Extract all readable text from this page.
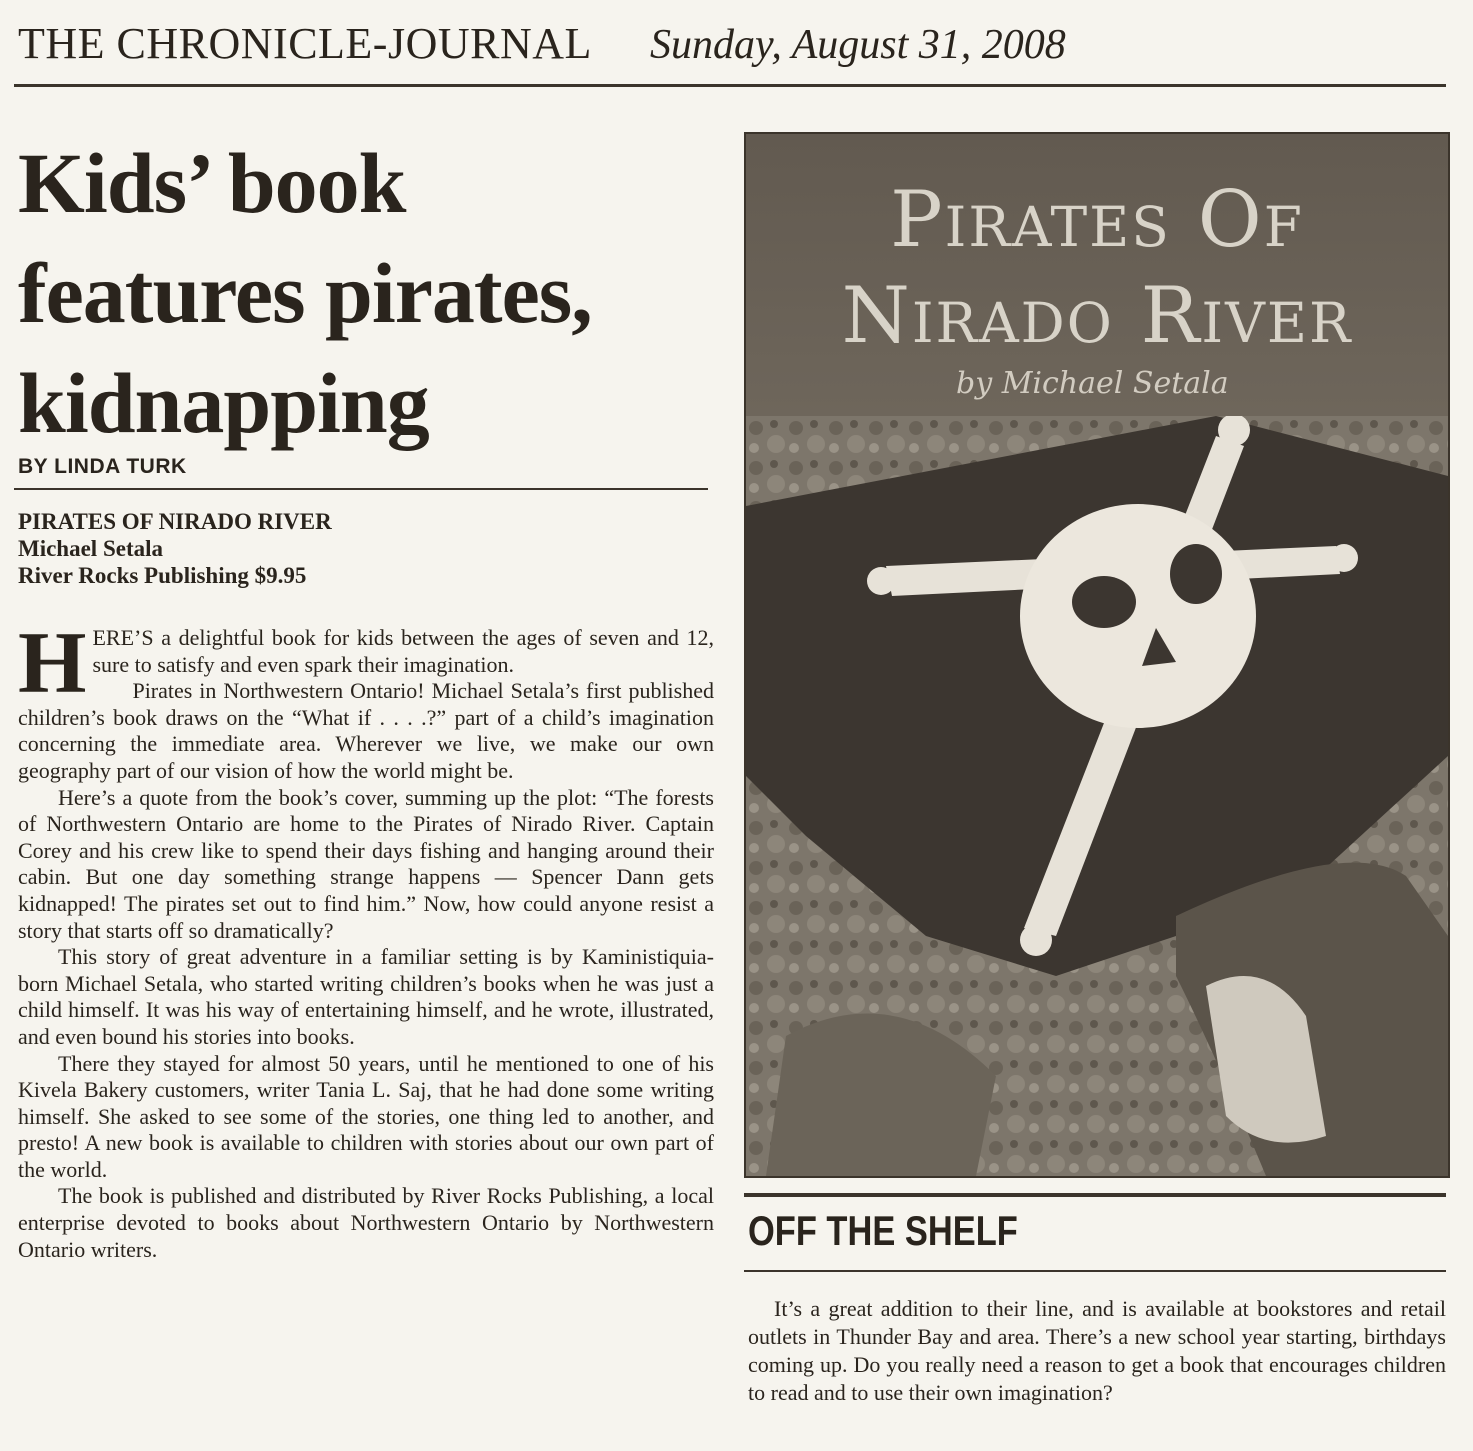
THE CHRONICLE-JOURNAL Sunday, August 31, 2008
Kids’ book
features pirates,
kidnapping
BY LINDA TURK
PIRATES OF NIRADO RIVER
Michael Setala
River Rocks Publishing $9.95

HERE’S a delightful book for kids between the ages of seven and 12, sure to satisfy and even spark their imagination.

Pirates in Northwestern Ontario! Michael Setala’s first published children’s book draws on the “What if . . . .?” part of a child’s imagination concerning the immediate area. Wherever we live, we make our own geography part of our vision of how the world might be.

Here’s a quote from the book’s cover, summing up the plot: “The forests of Northwestern Ontario are home to the Pirates of Nirado River. Captain Corey and his crew like to spend their days fishing and hanging around their cabin. But one day something strange happens — Spencer Dann gets kidnapped! The pirates set out to find him.” Now, how could anyone resist a story that starts off so dramatically?

This story of great adventure in a familiar setting is by Kaministiquia-born Michael Setala, who started writing children’s books when he was just a child himself. It was his way of entertaining himself, and he wrote, illustrated, and even bound his stories into books.

There they stayed for almost 50 years, until he mentioned to one of his Kivela Bakery customers, writer Tania L. Saj, that he had done some writing himself. She asked to see some of the stories, one thing led to another, and presto! A new book is available to children with stories about our own part of the world.

The book is published and distributed by River Rocks Publishing, a local enterprise devoted to books about Northwestern Ontario by Northwestern Ontario writers.

Pirates Of
Nirado River
by Michael Setala
OFF THE SHELF

It’s a great addition to their line, and is available at bookstores and retail outlets in Thunder Bay and area. There’s a new school year starting, birthdays coming up. Do you really need a reason to get a book that encourages children to read and to use their own imagination?
